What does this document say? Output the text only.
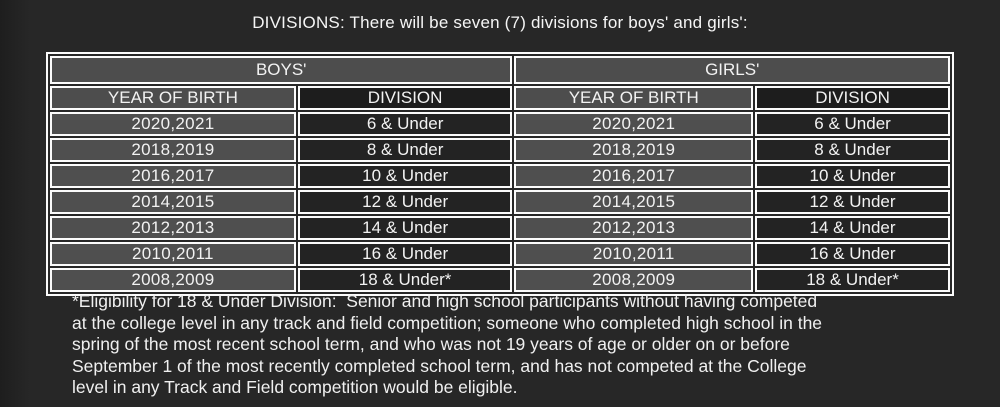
DIVISIONS: There will be seven (7) divisions for boys' and girls':
BOYS'		GIRLS'	
YEAR OF BIRTH	DIVISION	YEAR OF BIRTH	DIVISION
2020,2021	6 & Under	2020,2021	6 & Under
2018,2019	8 & Under	2018,2019	8 & Under
2016,2017	10 & Under	2016,2017	10 & Under
2014,2015	12 & Under	2014,2015	12 & Under
2012,2013	14 & Under	2012,2013	14 & Under
2010,2011	16 & Under	2010,2011	16 & Under
2008,2009	18 & Under*	2008,2009	18 & Under*
*Eligibility for 18 & Under Division:  Senior and high school participants without having competed
at the college level in any track and field competition; someone who completed high school in the
spring of the most recent school term, and who was not 19 years of age or older on or before
September 1 of the most recently completed school term, and has not competed at the College
level in any Track and Field competition would be eligible.
